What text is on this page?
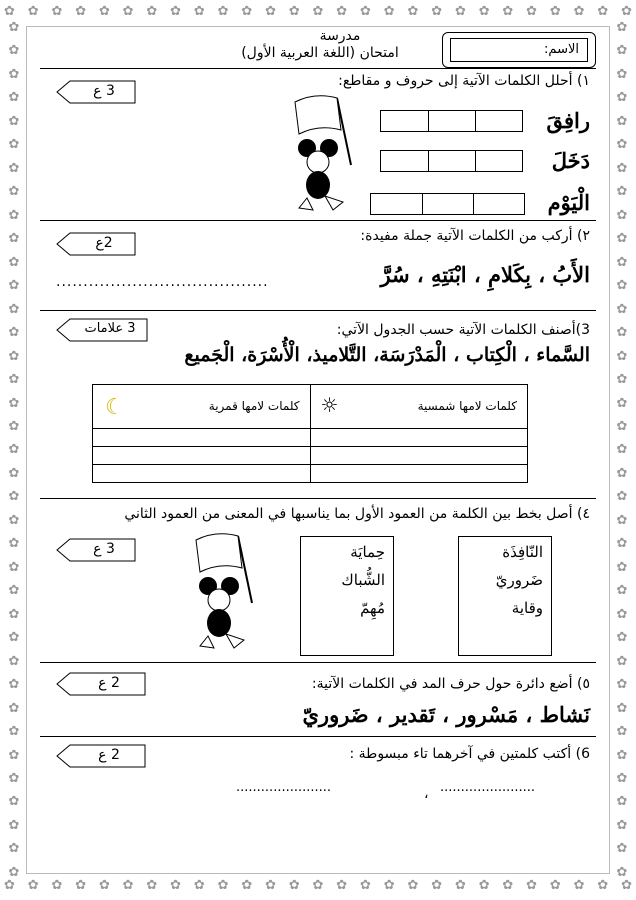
✿ ✿ ✿ ✿ ✿ ✿ ✿ ✿ ✿ ✿ ✿ ✿ ✿ ✿ ✿ ✿ ✿ ✿ ✿ ✿ ✿ ✿ ✿ ✿ ✿ ✿ ✿
✿ ✿ ✿ ✿ ✿ ✿ ✿ ✿ ✿ ✿ ✿ ✿ ✿ ✿ ✿ ✿ ✿ ✿ ✿ ✿ ✿ ✿ ✿ ✿ ✿ ✿ ✿
✿
✿
✿
✿
✿
✿
✿
✿
✿
✿
✿
✿
✿
✿
✿
✿
✿
✿
✿
✿
✿
✿
✿
✿
✿
✿
✿
✿
✿
✿
✿
✿
✿
✿
✿
✿
✿
✿
✿
✿
✿
✿
✿
✿
✿
✿
✿
✿
✿
✿
✿
✿
✿
✿
✿
✿
✿
✿
✿
✿
✿
✿
✿
✿
✿
✿
✿
✿
✿
✿
✿
✿
✿
✿
مدرسة
امتحان (اللغة العربية الأول)	الاسم:
3 ع
١) أحلل الكلمات الآتية إلى حروف و مقاطع:
رافِقَ
دَخَلَ
الْيَوْم
2ع	٢) أركب من الكلمات الآتية جملة مفيدة:
الأَبُ ، بِكَلامِ ، ابْنَتِهِ ، سُرَّ
.......................................
3 علامات	3)أصنف الكلمات الآتية حسب الجدول الآتي:
السَّماء ، الْكِتاب ، الْمَدْرَسَة، التَّلاميذ، الْأُسْرَة، الْجَميع
☾ كلمات لامها قمرية	☼ كلمات لامها شمسية

٤) أصل بخط بين الكلمة من العمود الأول بما يناسبها في المعنى من العمود الثاني
3 ع	حِمايَة
الشُّباك
مُهِمّ
النّافِذَة
ضَروريّ
وقاية
2 ع	٥) أضع دائرة حول حرف المد في الكلمات الآتية:
نَشاط ، مَسْرور ، تَقدير ، ضَروريّ
2 ع	6) أكتب كلمتين في آخرهما تاء مبسوطة :
.......................
،
.......................
